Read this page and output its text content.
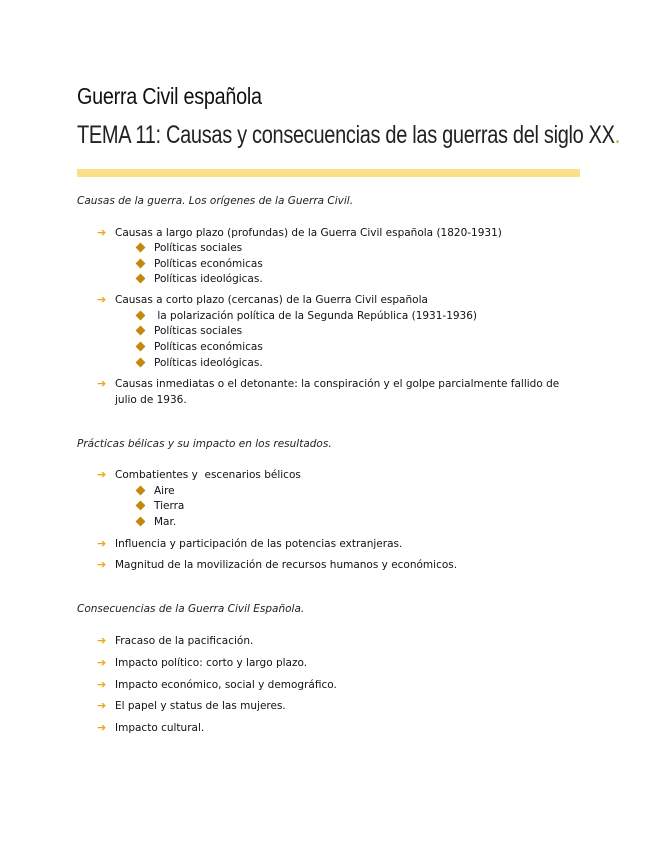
Guerra Civil española
TEMA 11: Causas y consecuencias de las guerras del siglo XX.
Causas de la guerra. Los orígenes de la Guerra Civil.
➔ Causas a largo plazo (profundas) de la Guerra Civil española (1820-1931)
Políticas sociales
Políticas económicas
Políticas ideológicas.
➔ Causas a corto plazo (cercanas) de la Guerra Civil española
la polarización política de la Segunda República (1931-1936)
Políticas sociales
Políticas económicas
Políticas ideológicas.
➔ Causas inmediatas o el detonante: la conspiración y el golpe parcialmente fallido de julio de 1936.
Prácticas bélicas y su impacto en los resultados.
➔ Combatientes y  escenarios bélicos
Aire
Tierra
Mar.
➔ Influencia y participación de las potencias extranjeras.
➔ Magnitud de la movilización de recursos humanos y económicos.
Consecuencias de la Guerra Civil Española.
➔ Fracaso de la pacificación.
➔ Impacto político: corto y largo plazo.
➔ Impacto económico, social y demográfico.
➔ El papel y status de las mujeres.
➔ Impacto cultural.
